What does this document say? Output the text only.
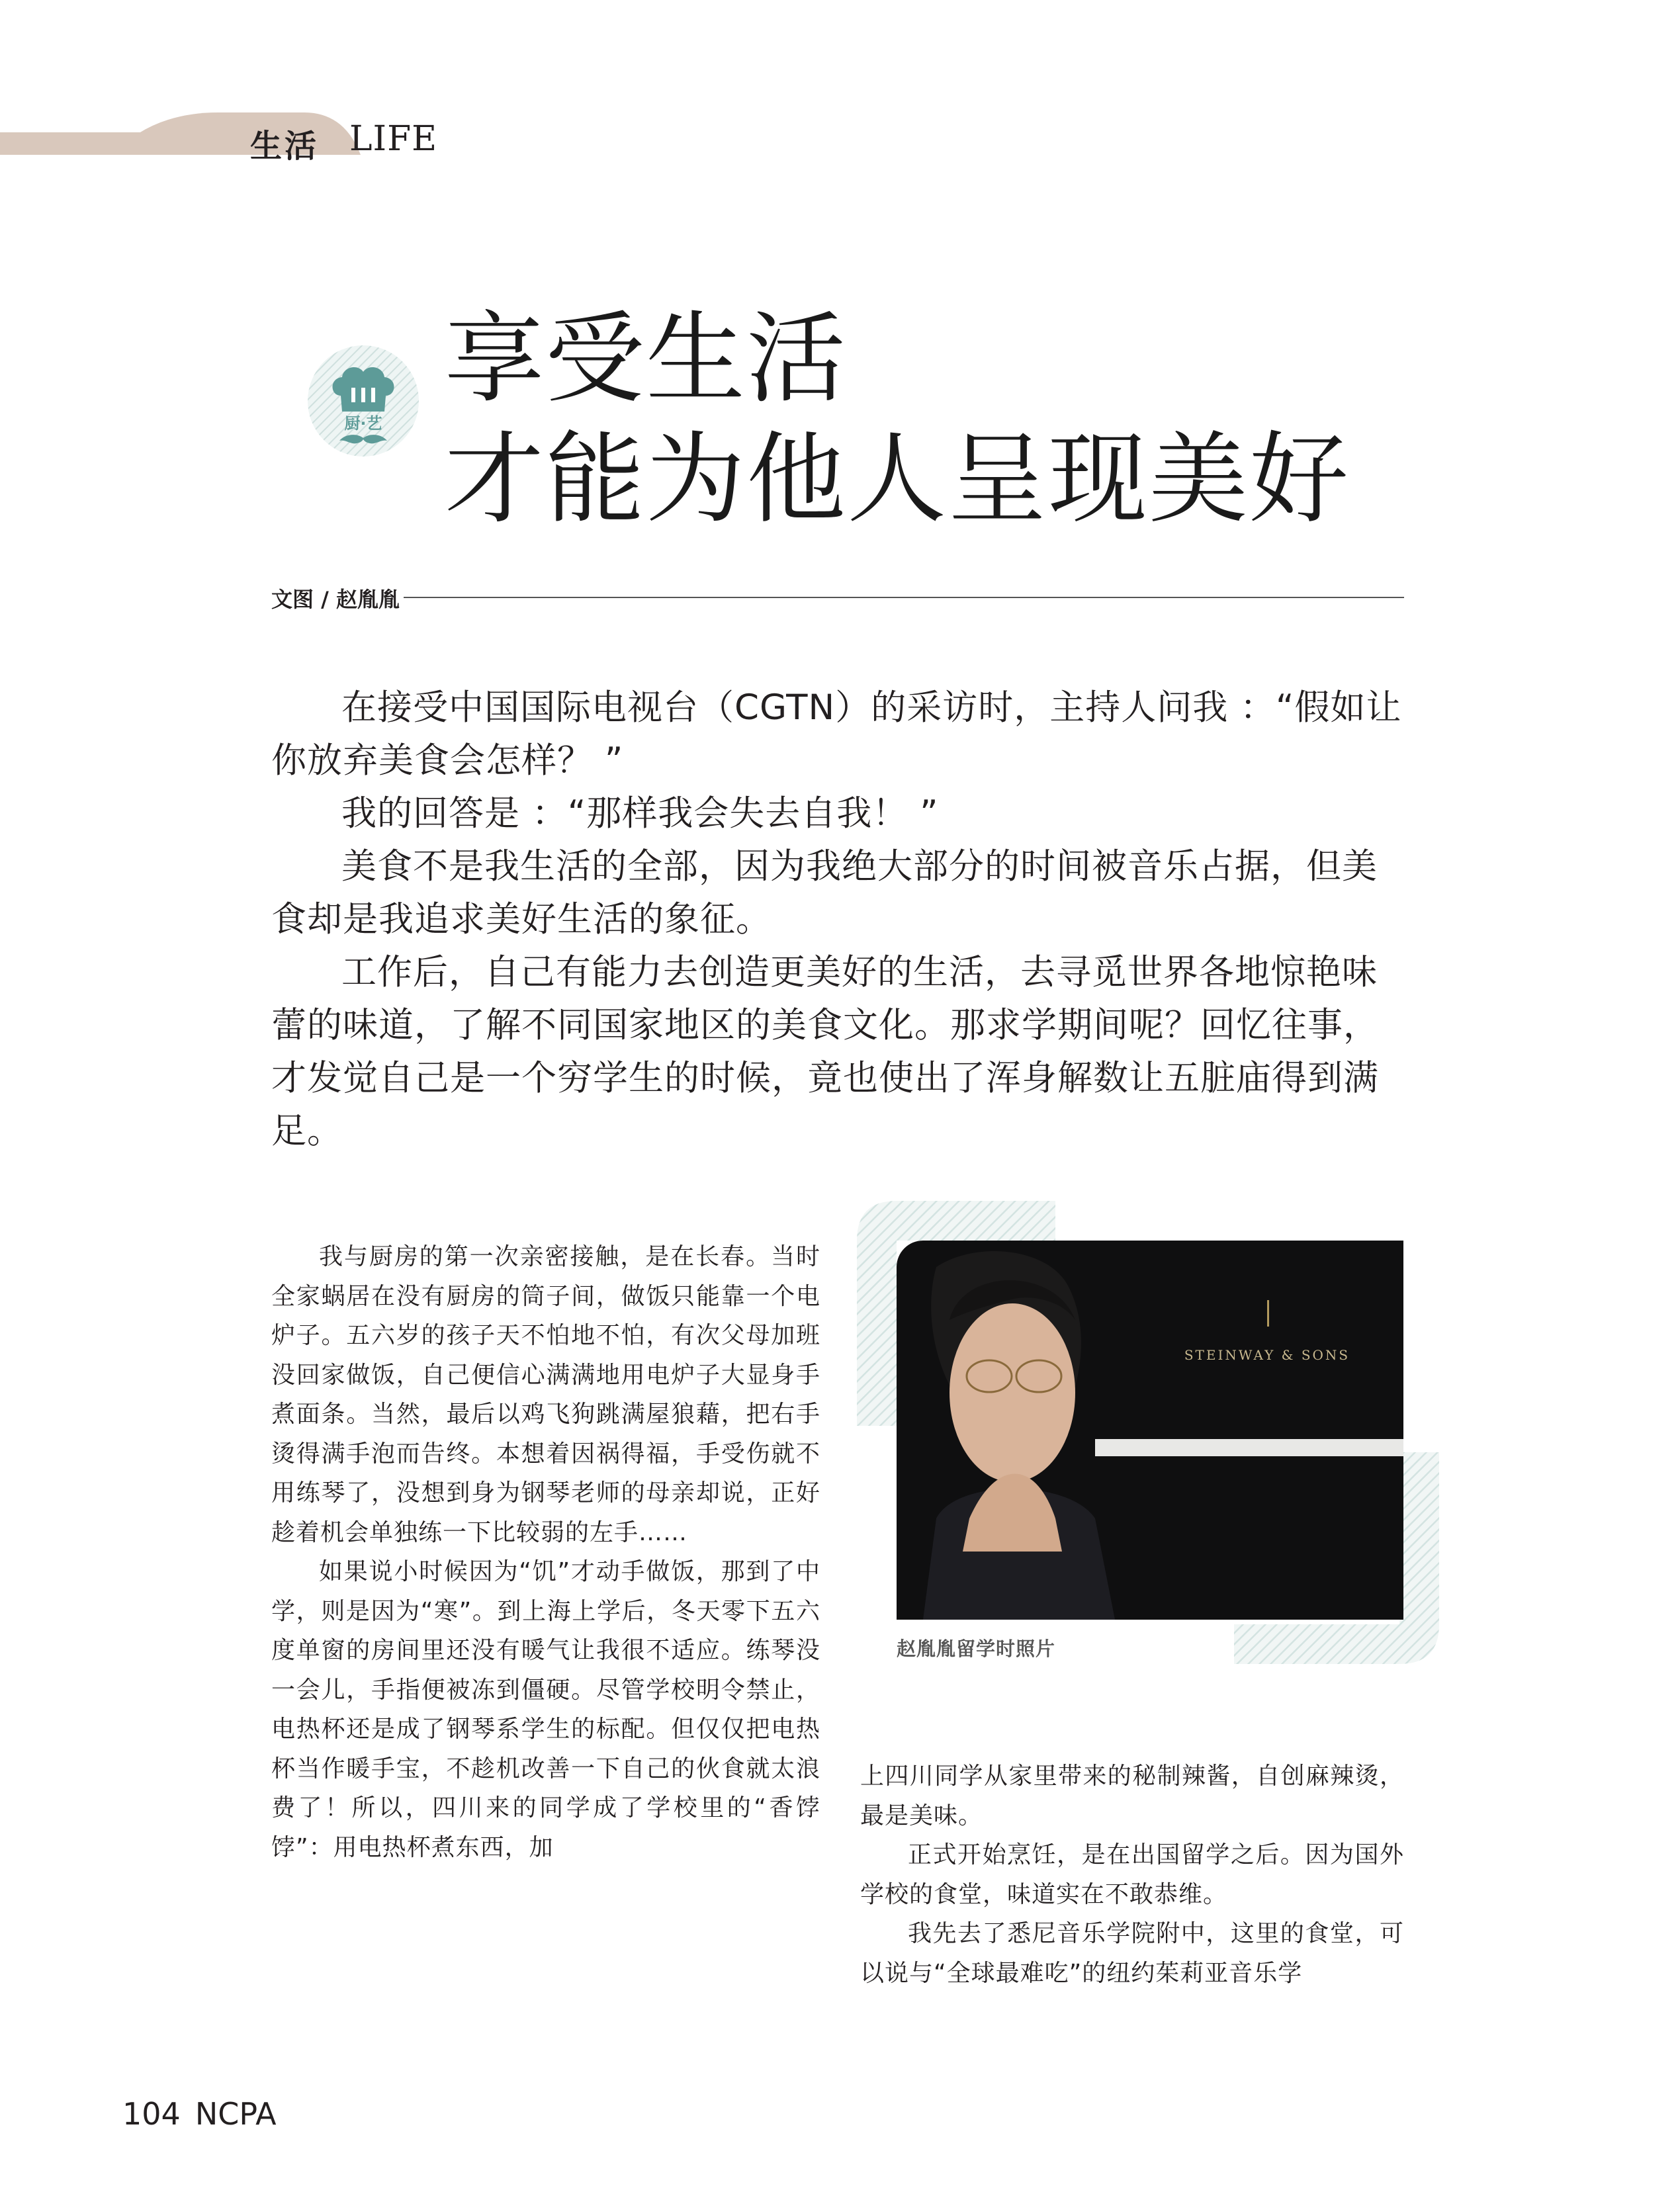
生活 LIFE
厨·艺
享受生活
才能为他人呈现美好
文图 / 赵胤胤

在接受中国国际电视台（CGTN）的采访时，主持人问我 ：“假如让你放弃美食会怎样？ ”

我的回答是 ：“那样我会失去自我！ ”

美食不是我生活的全部，因为我绝大部分的时间被音乐占据，但美食却是我追求美好生活的象征。

工作后，自己有能力去创造更美好的生活，去寻觅世界各地惊艳味蕾的味道，了解不同国家地区的美食文化。那求学期间呢？回忆往事，才发觉自己是一个穷学生的时候，竟也使出了浑身解数让五脏庙得到满足。

我与厨房的第一次亲密接触，是在长春。当时全家蜗居在没有厨房的筒子间，做饭只能靠一个电炉子。五六岁的孩子天不怕地不怕，有次父母加班没回家做饭，自己便信心满满地用电炉子大显身手煮面条。当然，最后以鸡飞狗跳满屋狼藉，把右手烫得满手泡而告终。本想着因祸得福，手受伤就不用练琴了，没想到身为钢琴老师的母亲却说，正好趁着机会单独练一下比较弱的左手……

如果说小时候因为“饥”才动手做饭，那到了中学，则是因为“寒”。到上海上学后，冬天零下五六度单窗的房间里还没有暖气让我很不适应。练琴没一会儿，手指便被冻到僵硬。尽管学校明令禁止，电热杯还是成了钢琴系学生的标配。但仅仅把电热杯当作暖手宝，不趁机改善一下自己的伙食就太浪费了！所以，四川来的同学成了学校里的“香饽饽”：用电热杯煮东西，加

STEINWAY & SONS
赵胤胤留学时照片

上四川同学从家里带来的秘制辣酱，自创麻辣烫，最是美味。

正式开始烹饪，是在出国留学之后。因为国外学校的食堂，味道实在不敢恭维。

我先去了悉尼音乐学院附中，这里的食堂，可以说与“全球最难吃”的纽约茱莉亚音乐学

104 NCPA
